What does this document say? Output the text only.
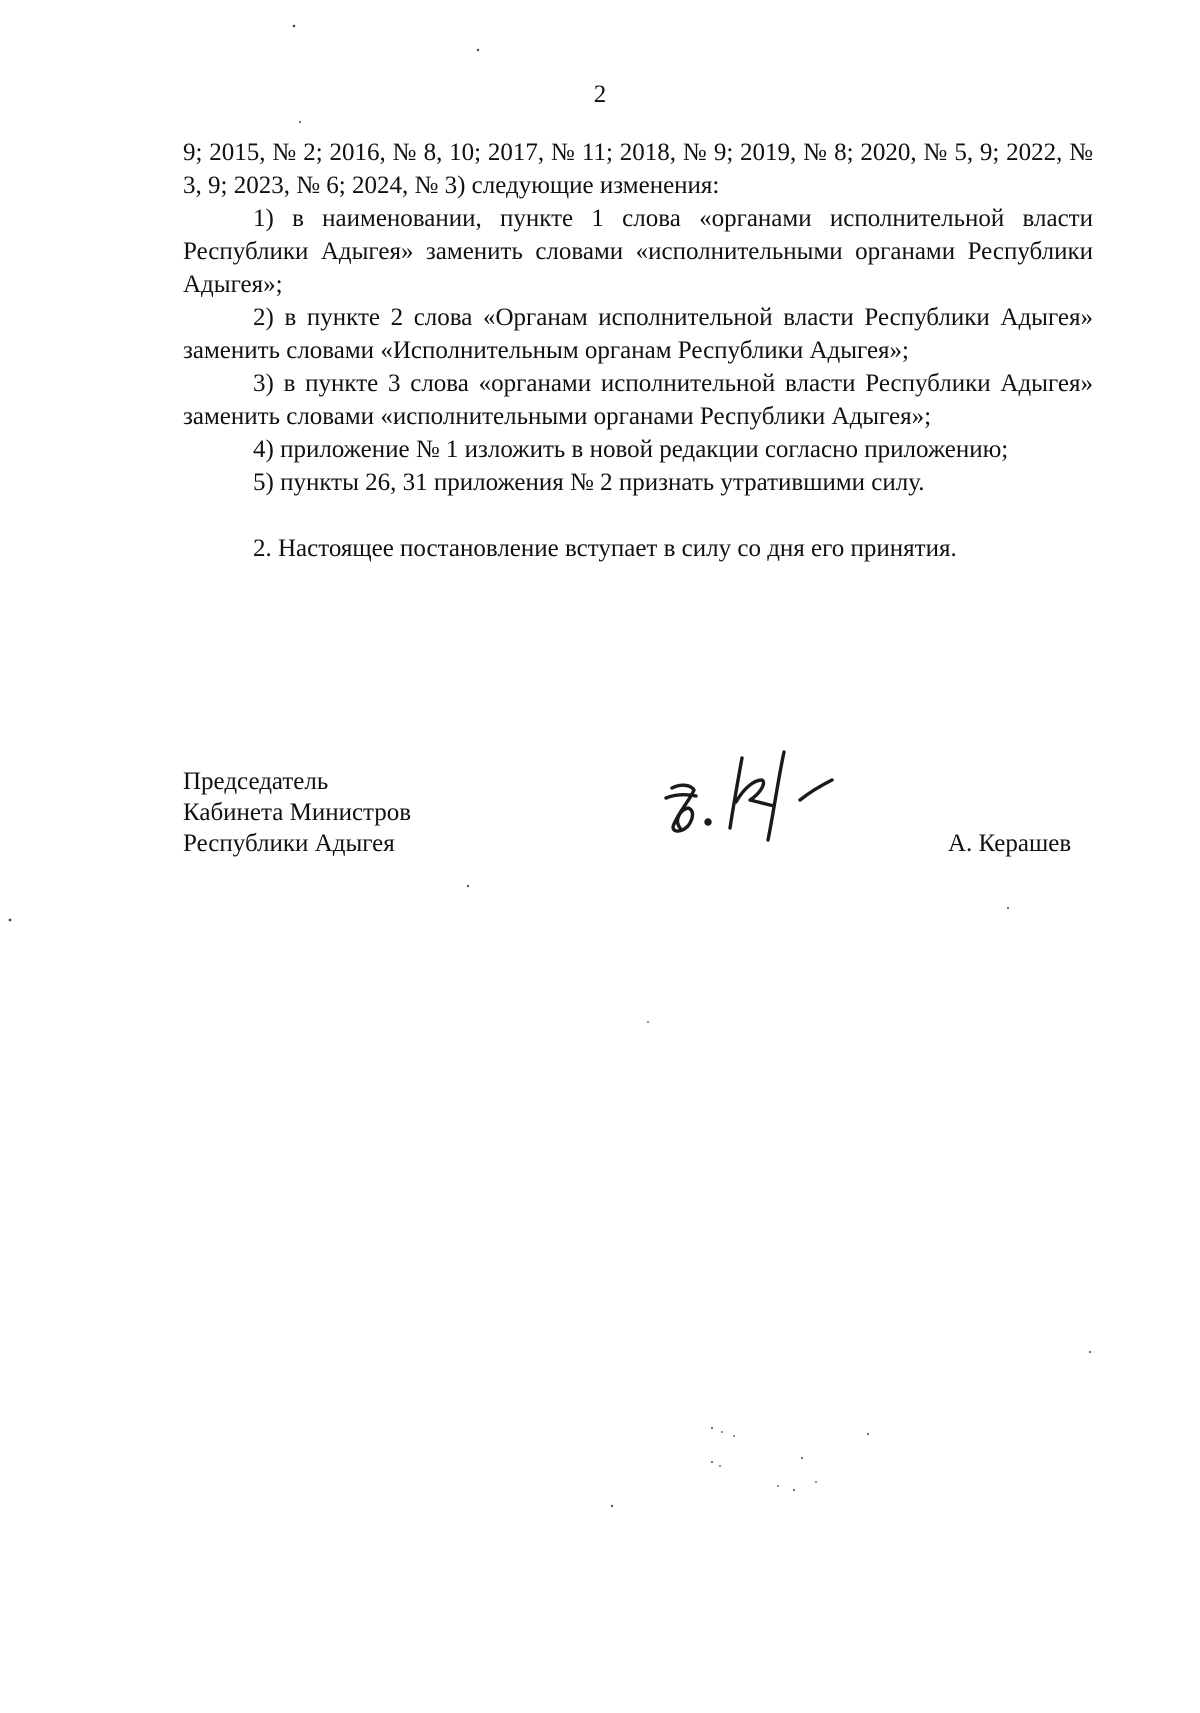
2

9; 2015, № 2; 2016, № 8, 10; 2017, № 11; 2018, № 9; 2019, № 8; 2020, № 5, 9; 2022, № 3, 9; 2023, № 6; 2024, № 3) следующие изменения:

1) в наименовании, пункте 1 слова «органами исполнительной власти Республики Адыгея» заменить словами «исполнительными органами Республики Адыгея»;

2) в пункте 2 слова «Органам исполнительной власти Республики Адыгея» заменить словами «Исполнительным органам Республики Адыгея»;

3) в пункте 3 слова «органами исполнительной власти Республики Адыгея» заменить словами «исполнительными органами Республики Адыгея»;

4) приложение № 1 изложить в новой редакции согласно приложению;

5) пункты 26, 31 приложения № 2 признать утратившими силу.

2. Настоящее постановление вступает в силу со дня его принятия.

Председатель
Кабинета Министров
Республики Адыгея	А. Керашев
